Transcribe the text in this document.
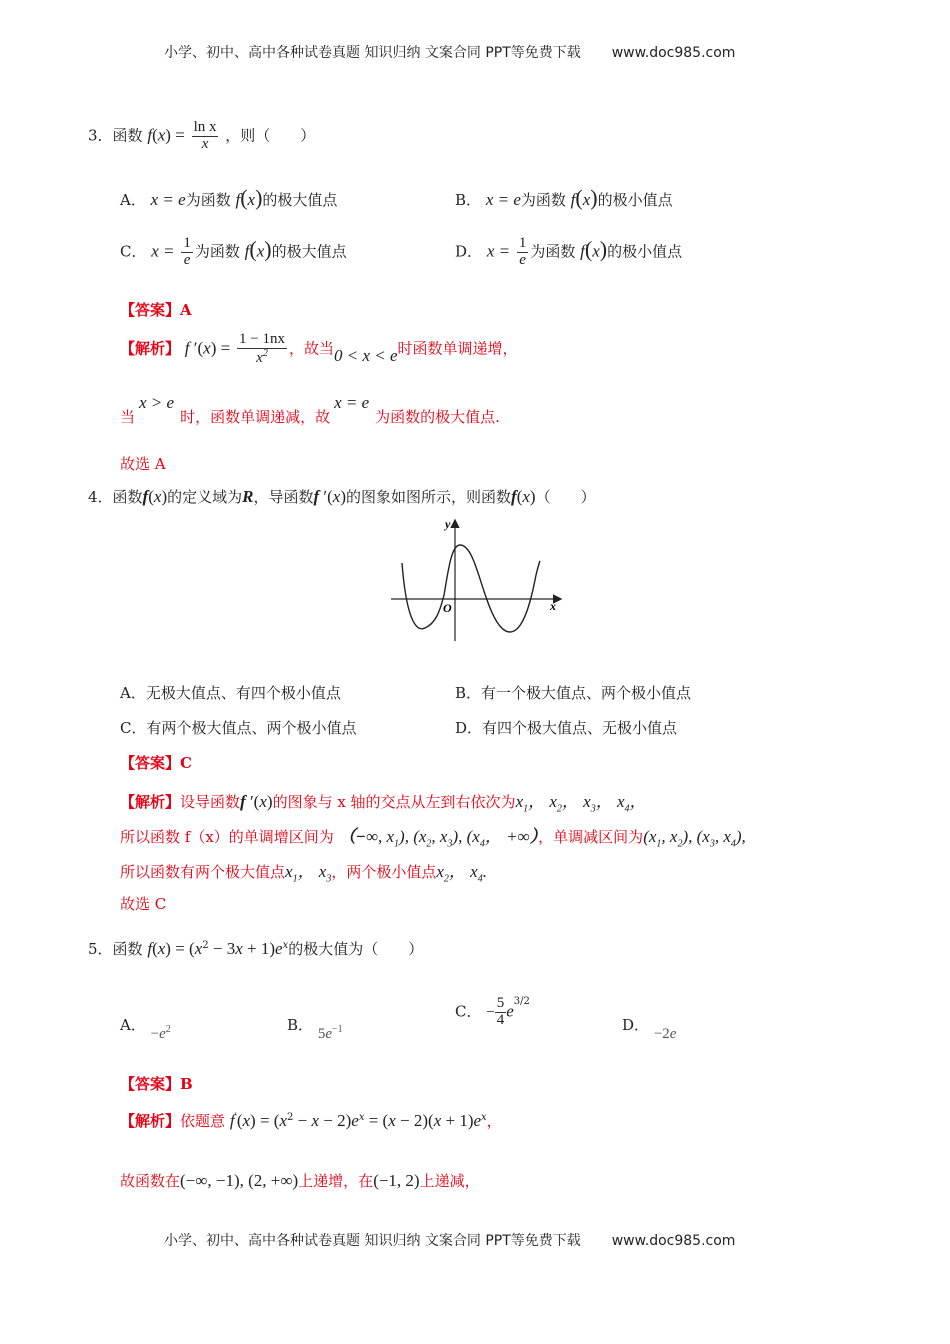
小学、初中、高中各种试卷真题 知识归纳 文案合同 PPT等免费下载 www.doc985.com
3．函数 $f(x) = \frac{\text{ln x}}{x}$ ，则（　　）
A． x = e为函数 f(x)的极大值点	B． x = e为函数 f(x)的极小值点
C． $x = \frac{1}{e}$ 为函数 f(x)的极大值点	D． $x = \frac{1}{e}$ 为函数 f(x)的极小值点
【答案】A
【解析】 f $'(x) = \frac{1 - 1nx}{x^2}$ ，故当0 < x < e时函数单调递增，
当x > e时，函数单调递减，故x = e为函数的极大值点.
故选 A
4．函数f(x)的定义域为R，导函数f ′(x)的图象如图所示，则函数f(x)（　　）
y
x
O
A．无极大值点、有四个极小值点	B．有一个极大值点、两个极小值点
C．有两个极大值点、两个极小值点	D．有四个极大值点、无极小值点
【答案】C
【解析】设导函数f ′(x)的图象与 x 轴的交点从左到右依次为$x_1$， $x_2$， $x_3$， $x_4$，
所以函数 f（x）的单调增区间为 （−∞, $x_1$), ($x_2$, $x_3$), ($x_4$， +∞），单调减区间为($x_1$, $x_2$), ($x_3$, $x_4$),
所以函数有两个极大值点$x_1$， $x_3$，两个极小值点$x_2$， $x_4$.
故选 C
5．函数 $f(x) = (x^2 - 3x + 1)e^x$的极大值为（　　）
A． $-e^2$	B． $5e^{-1}$
C． − $\frac{5}{4} e^{3/2}$
D． −2e
【答案】B
【解析】依题意 $f'(x) = (x^2 - x - 2)e^x = (x - 2)(x + 1)e^x$，
故函数在(−∞, −1), (2, +∞)上递增，在(−1, 2)上递减，
小学、初中、高中各种试卷真题 知识归纳 文案合同 PPT等免费下载 www.doc985.com
